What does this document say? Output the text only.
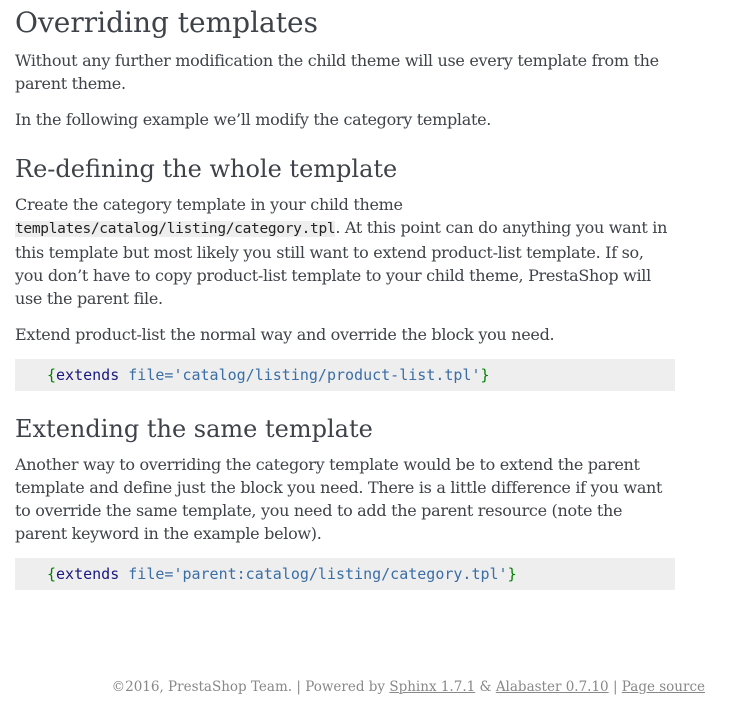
Overriding templates

Without any further modification the child theme will use every template from the parent theme.

In the following example we’ll modify the category template.

Re-defining the whole template

Create the category template in your child theme templates/catalog/listing/category.tpl. At this point can do anything you want in this template but most likely you still want to extend product-list template. If so, you don’t have to copy product-list template to your child theme, PrestaShop will use the parent file.

Extend product-list the normal way and override the block you need.

{extends file='catalog/listing/product-list.tpl'}
Extending the same template

Another way to overriding the category template would be to extend the parent template and define just the block you need. There is a little difference if you want to override the same template, you need to add the parent resource (note the parent keyword in the example below).

{extends file='parent:catalog/listing/category.tpl'}
©2016, PrestaShop Team. | Powered by Sphinx 1.7.1 & Alabaster 0.7.10 | Page source
